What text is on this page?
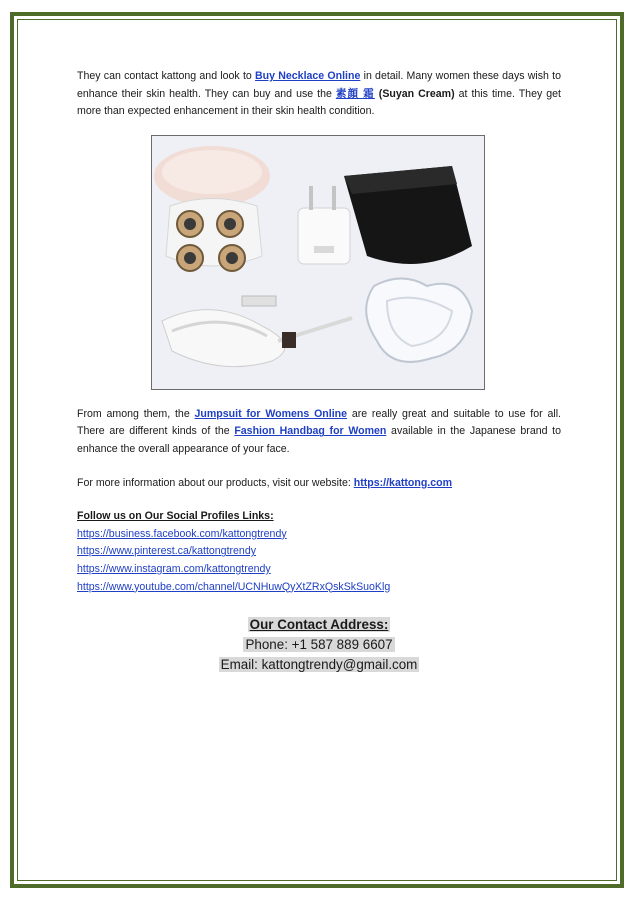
They can contact kattong and look to Buy Necklace Online in detail. Many women these days wish to enhance their skin health. They can buy and use the 素顔 霜 (Suyan Cream) at this time. They get more than expected enhancement in their skin health condition.

From among them, the Jumpsuit for Womens Online are really great and suitable to use for all. There are different kinds of the Fashion Handbag for Women available in the Japanese brand to enhance the overall appearance of your face.

For more information about our products, visit our website: https://kattong.com

Follow us on Our Social Profiles Links:
https://business.facebook.com/kattongtrendy
https://www.pinterest.ca/kattongtrendy
https://www.instagram.com/kattongtrendy
https://www.youtube.com/channel/UCNHuwQyXtZRxQskSkSuoKlg
Our Contact Address:
Phone: +1 587 889 6607
Email: kattongtrendy@gmail.com
